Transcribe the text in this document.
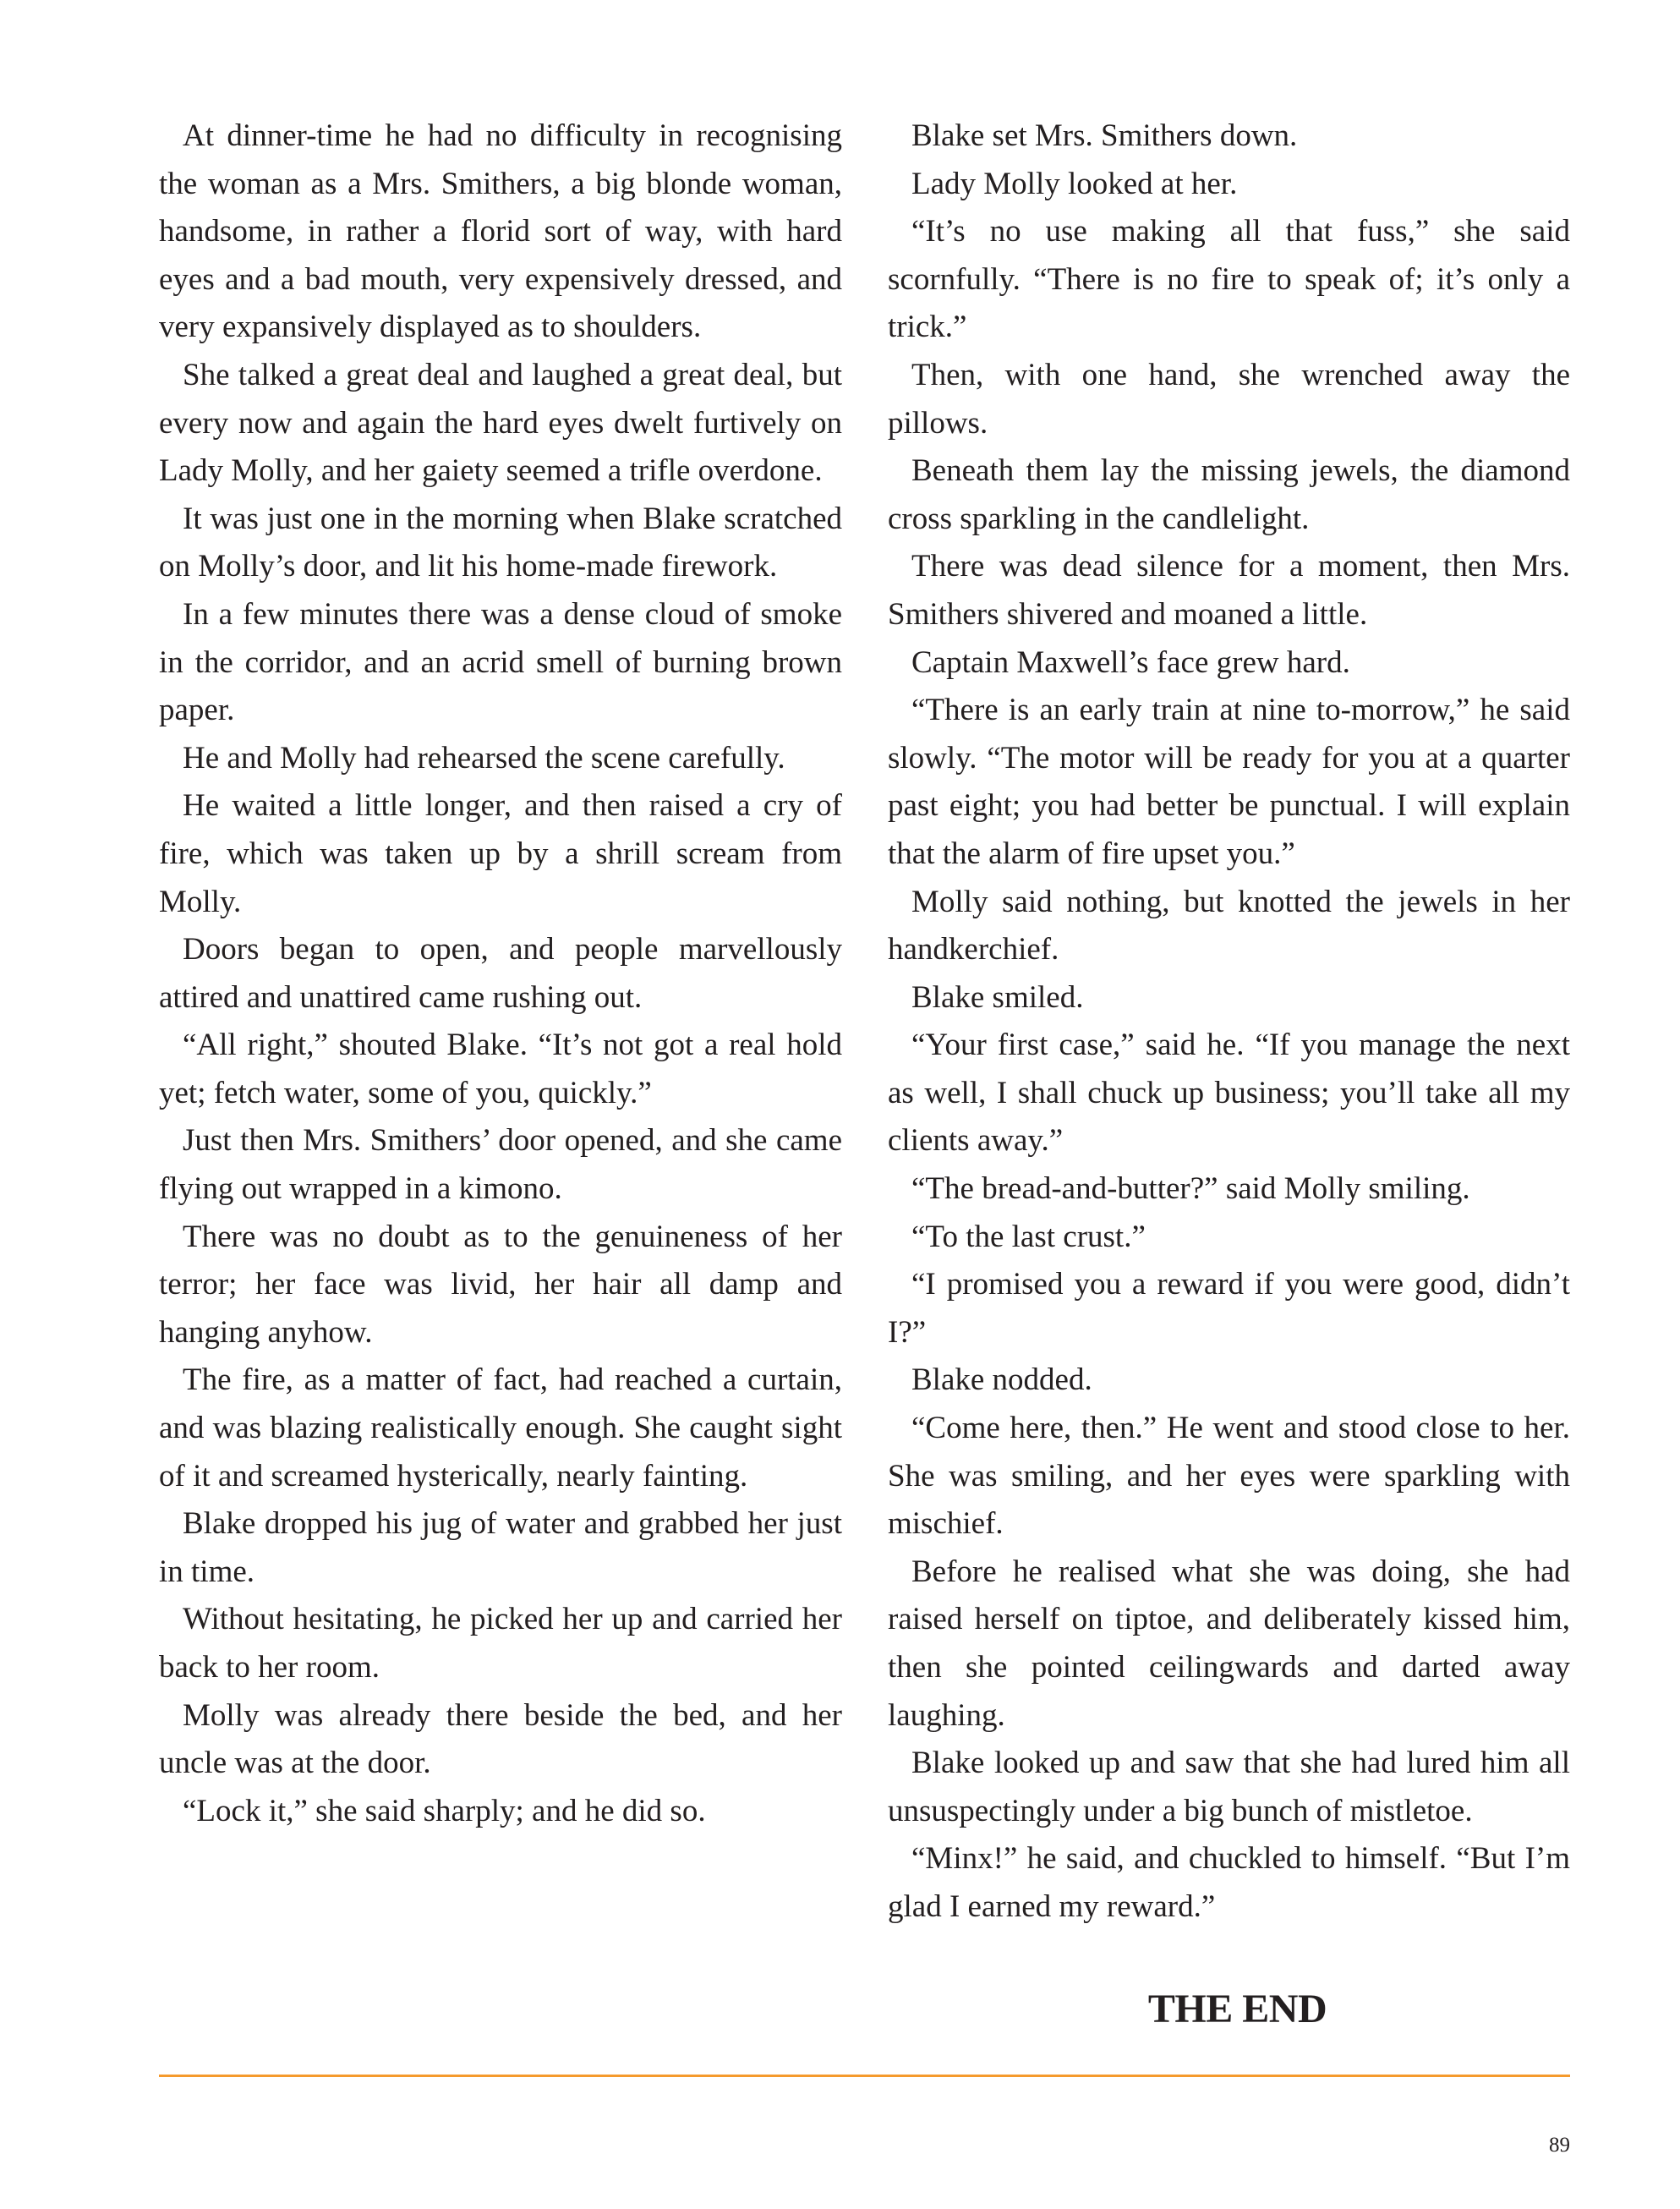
At dinner-time he had no difficulty in recognising the woman as a Mrs. Smithers, a big blonde woman, handsome, in rather a florid sort of way, with hard eyes and a bad mouth, very expensively dressed, and very expansively displayed as to shoulders.

She talked a great deal and laughed a great deal, but every now and again the hard eyes dwelt furtively on Lady Molly, and her gaiety seemed a trifle overdone.

It was just one in the morning when Blake scratched on Molly’s door, and lit his home-made firework.

In a few minutes there was a dense cloud of smoke in the corridor, and an acrid smell of burning brown paper.

He and Molly had rehearsed the scene carefully.

He waited a little longer, and then raised a cry of fire, which was taken up by a shrill scream from Molly.

Doors began to open, and people marvellously attired and unattired came rushing out.

“All right,” shouted Blake. “It’s not got a real hold yet; fetch water, some of you, quickly.”

Just then Mrs. Smithers’ door opened, and she came flying out wrapped in a kimono.

There was no doubt as to the genuineness of her terror; her face was livid, her hair all damp and hanging anyhow.

The fire, as a matter of fact, had reached a curtain, and was blazing realistically enough. She caught sight of it and screamed hysterically, nearly fainting.

Blake dropped his jug of water and grabbed her just in time.

Without hesitating, he picked her up and carried her back to her room.

Molly was already there beside the bed, and her uncle was at the door.

“Lock it,” she said sharply; and he did so.

Blake set Mrs. Smithers down.

Lady Molly looked at her.

“It’s no use making all that fuss,” she said scornfully. “There is no fire to speak of; it’s only a trick.”

Then, with one hand, she wrenched away the pillows.

Beneath them lay the missing jewels, the diamond cross sparkling in the candlelight.

There was dead silence for a moment, then Mrs. Smithers shivered and moaned a little.

Captain Maxwell’s face grew hard.

“There is an early train at nine to-morrow,” he said slowly. “The motor will be ready for you at a quarter past eight; you had better be punctual. I will explain that the alarm of fire upset you.”

Molly said nothing, but knotted the jewels in her handkerchief.

Blake smiled.

“Your first case,” said he. “If you manage the next as well, I shall chuck up business; you’ll take all my clients away.”

“The bread-and-butter?” said Molly smiling.

“To the last crust.”

“I promised you a reward if you were good, didn’t I?”

Blake nodded.

“Come here, then.” He went and stood close to her. She was smiling, and her eyes were sparkling with mischief.

Before he realised what she was doing, she had raised herself on tiptoe, and deliberately kissed him, then she pointed ceilingwards and darted away laughing.

Blake looked up and saw that she had lured him all unsuspectingly under a big bunch of mistletoe.

“Minx!” he said, and chuckled to himself. “But I’m glad I earned my reward.”

THE END
89
